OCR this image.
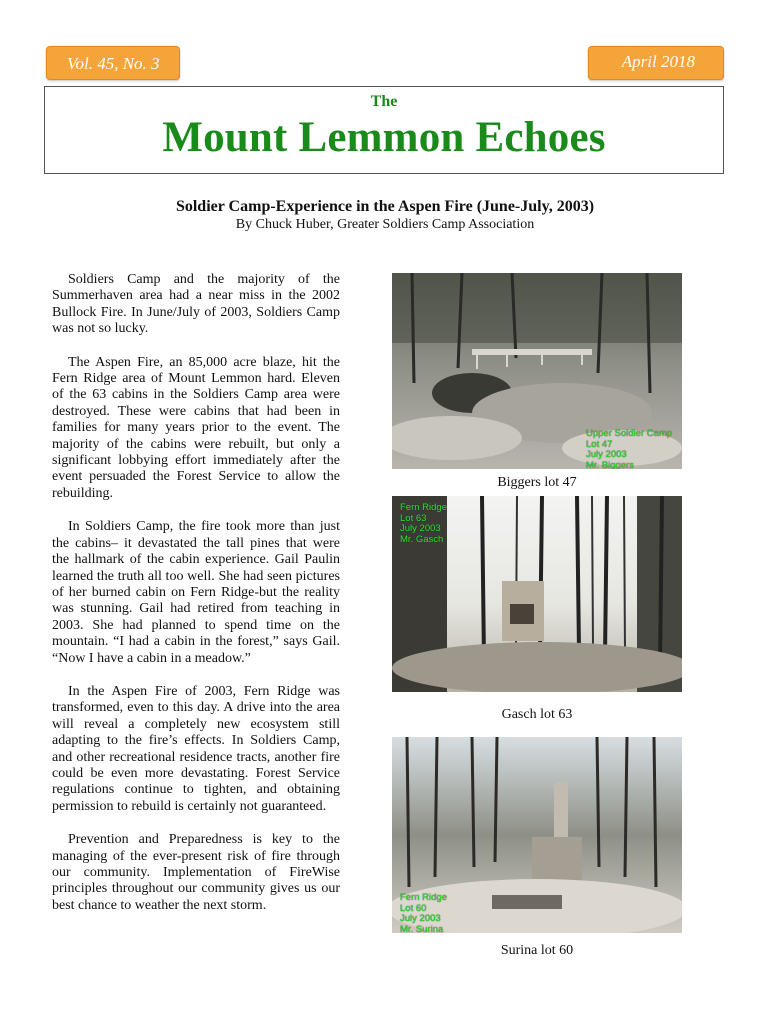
Vol. 45, No. 3	April 2018
The
Mount Lemmon Echoes
Soldier Camp-Experience in the Aspen Fire (June-July, 2003)
By Chuck Huber, Greater Soldiers Camp Association

Soldiers Camp and the majority of the Summerhaven area had a near miss in the 2002 Bullock Fire. In June/July of 2003, Soldiers Camp was not so lucky.

The Aspen Fire, an 85,000 acre blaze, hit the Fern Ridge area of Mount Lemmon hard. Eleven of the 63 cabins in the Soldiers Camp area were destroyed. These were cabins that had been in families for many years prior to the event. The majority of the cabins were rebuilt, but only a significant lobbying effort immediately after the event persuaded the Forest Service to allow the rebuilding.

In Soldiers Camp, the fire took more than just the cabins– it devastated the tall pines that were the hallmark of the cabin experience. Gail Paulin learned the truth all too well. She had seen pictures of her burned cabin on Fern Ridge-but the reality was stunning. Gail had retired from teaching in 2003. She had planned to spend time on the mountain. “I had a cabin in the forest,” says Gail. “Now I have a cabin in a meadow.”

In the Aspen Fire of 2003, Fern Ridge was transformed, even to this day. A drive into the area will reveal a completely new ecosystem still adapting to the fire’s effects. In Soldiers Camp, and other recreational residence tracts, another fire could be even more devastating. Forest Service regulations continue to tighten, and obtaining permission to rebuild is certainly not guaranteed.

Prevention and Preparedness is key to the managing of the ever-present risk of fire through our community. Implementation of FireWise principles throughout our community gives us our best chance to weather the next storm.

Upper Soldier Camp
Lot 47
July 2003
Mr. Biggers
Biggers lot 47
Fern Ridge
Lot 63
July 2003
Mr. Gasch
Gasch lot 63
Fern Ridge
Lot 60
July 2003
Mr. Surina
Surina lot 60
